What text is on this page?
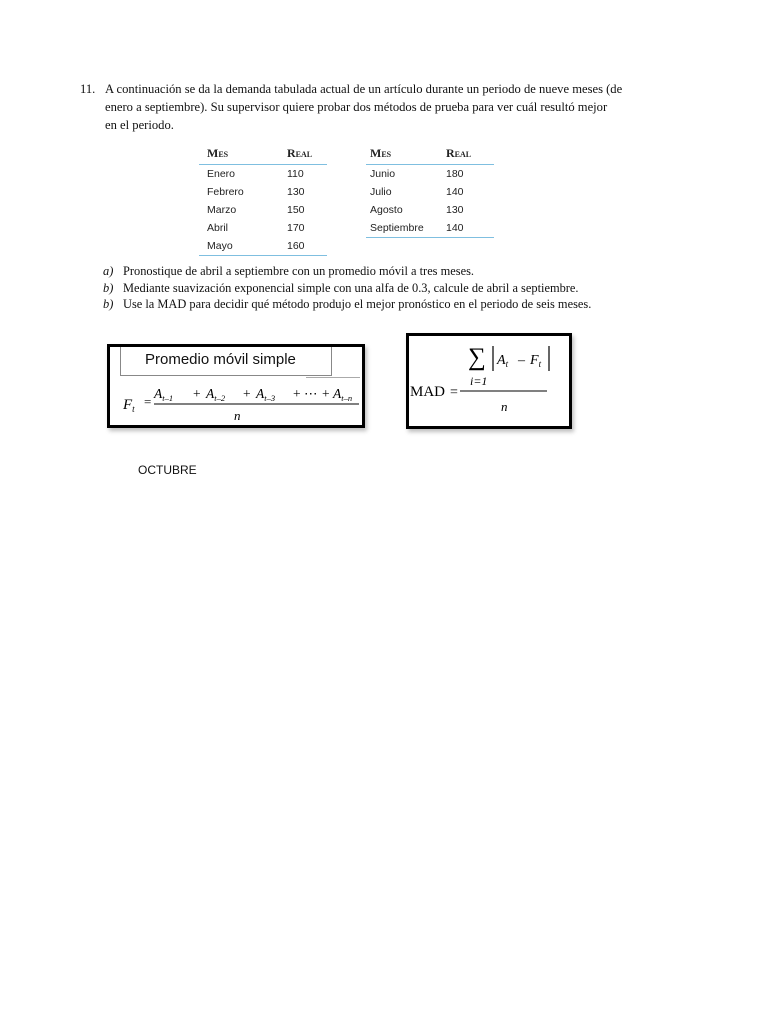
11. A continuación se da la demanda tabulada actual de un artículo durante un periodo de nueve meses (de
enero a septiembre). Su supervisor quiere probar dos métodos de prueba para ver cuál resultó mejor
en el periodo.
Mes	Real
Enero	110
Febrero	130
Marzo	150
Abril	170
Mayo	160
Mes	Real
Junio	180
Julio	140
Agosto	130
Septiembre	140
a) Pronostique de abril a septiembre con un promedio móvil a tres meses.
b) Mediante suavización exponencial simple con una alfa de 0.3, calcule de abril a septiembre.
b) Use la MAD para decidir qué método produjo el mejor pronóstico en el periodo de seis meses.
Promedio móvil simple
$F_t$ =
$A_{t-1} + A_{t-2} + A_{t-3}$ + ⋯ + $A_{t-n}$
n
∑ $A_t - F_t$
i=1
MAD =
n
OCTUBRE
